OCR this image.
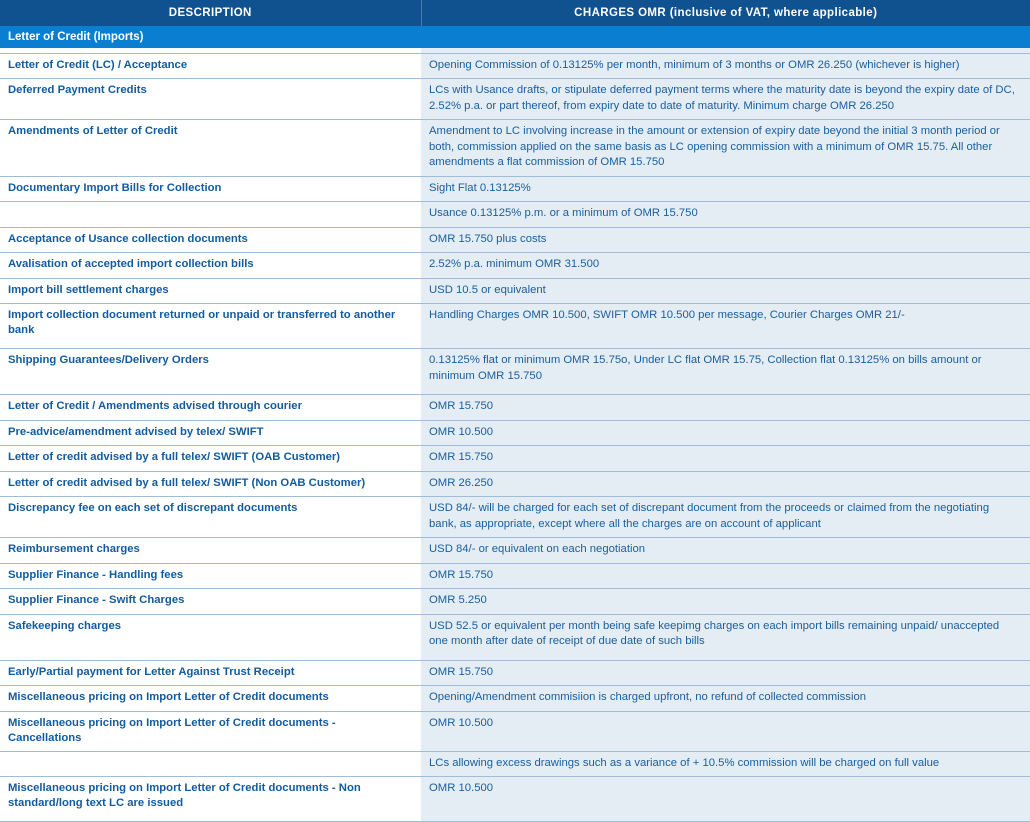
DESCRIPTION	CHARGES OMR (inclusive of VAT, where applicable)
Letter of Credit (Imports)	

Letter of Credit (LC) / Acceptance	Opening Commission of 0.13125% per month, minimum of 3 months or OMR 26.250 (whichever is higher)
Deferred Payment Credits	LCs with Usance drafts, or stipulate deferred payment terms where the maturity date is beyond the expiry date of DC, 2.52% p.a. or part thereof, from expiry date to date of maturity. Minimum charge OMR 26.250
Amendments of Letter of Credit	Amendment to LC involving increase in the amount or extension of expiry date beyond the initial 3 month period or both, commission applied on the same basis as LC opening commission with a minimum of OMR 15.75. All other amendments a flat commission of OMR 15.750
Documentary Import Bills for Collection	Sight Flat 0.13125%
	Usance 0.13125% p.m. or a minimum of OMR 15.750
Acceptance of Usance collection documents	OMR 15.750 plus costs
Avalisation of accepted import collection bills	2.52% p.a. minimum OMR 31.500
Import bill settlement charges	USD 10.5 or equivalent
Import collection document returned or unpaid or transferred to another bank	Handling Charges OMR 10.500, SWIFT OMR 10.500 per message, Courier Charges OMR 21/-
Shipping Guarantees/Delivery Orders	0.13125% flat or minimum OMR 15.75o, Under LC flat OMR 15.75, Collection flat 0.13125% on bills amount or minimum OMR 15.750
Letter of Credit / Amendments advised through courier	OMR 15.750
Pre-advice/amendment advised by telex/ SWIFT	OMR 10.500
Letter of credit advised by a full telex/ SWIFT (OAB Customer)	OMR 15.750
Letter of credit advised by a full telex/ SWIFT (Non OAB Customer)	OMR 26.250
Discrepancy fee on each set of discrepant documents	USD 84/- will be charged for each set of discrepant document from the proceeds or claimed from the negotiating bank, as appropriate, except where all the charges are on account of applicant
Reimbursement charges	USD 84/- or equivalent on each negotiation
Supplier Finance - Handling fees	OMR 15.750
Supplier Finance - Swift Charges	OMR 5.250
Safekeeping charges	USD 52.5 or equivalent per month being safe keepimg charges on each import bills remaining unpaid/ unaccepted one month after date of receipt of due date of such bills
Early/Partial payment for Letter Against Trust Receipt	OMR 15.750
Miscellaneous pricing on Import Letter of Credit documents	Opening/Amendment commisiion is charged upfront, no refund of collected commission
Miscellaneous pricing on Import Letter of Credit documents - Cancellations	OMR 10.500
	LCs allowing excess drawings such as a variance of + 10.5% commission will be charged on full value
Miscellaneous pricing on Import Letter of Credit documents - Non standard/long text LC are issued	OMR 10.500
